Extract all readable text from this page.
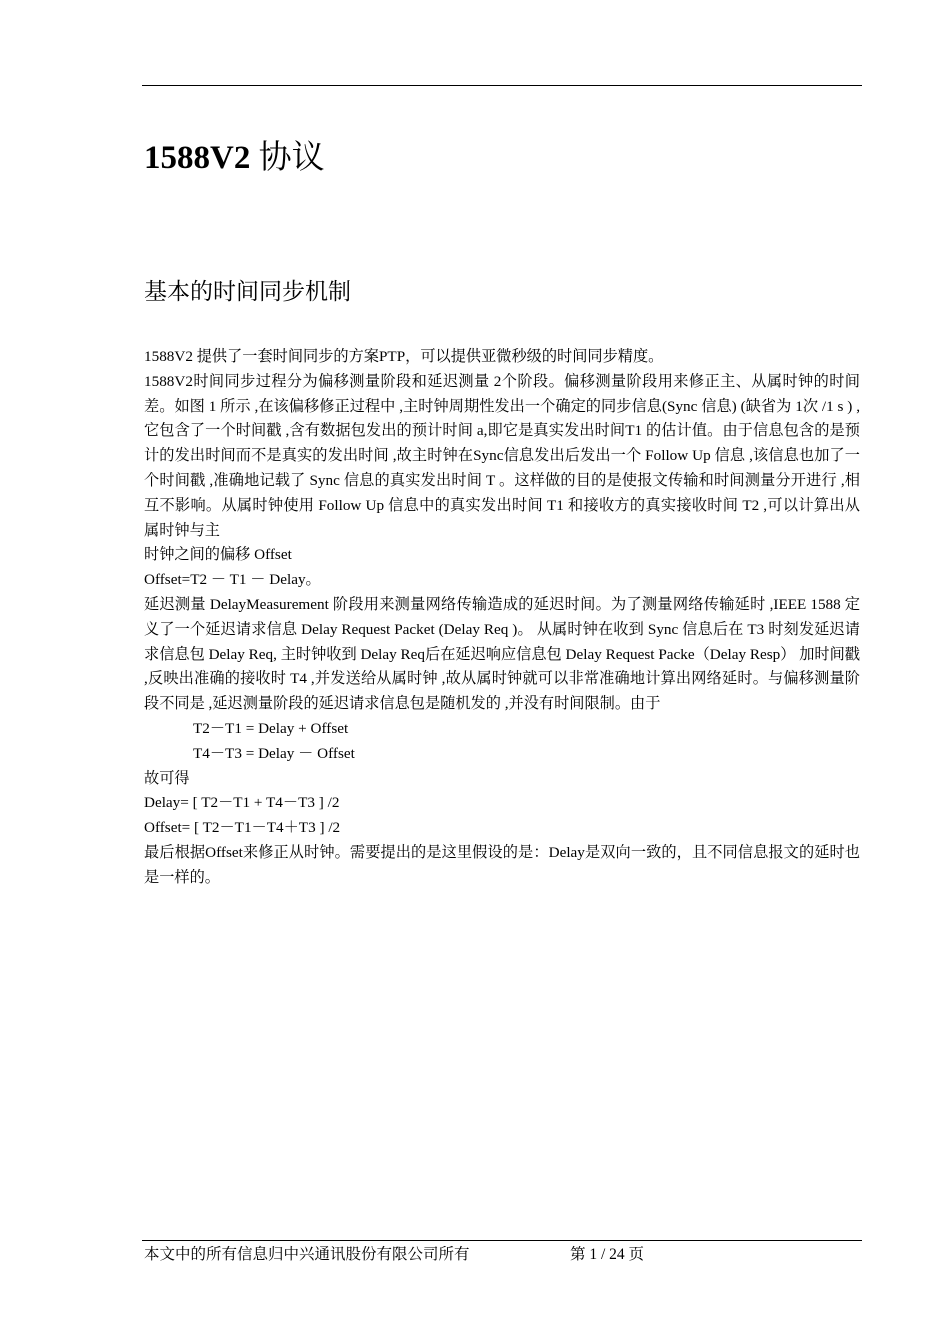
1588V2 协议
基本的时间同步机制

1588V2 提供了一套时间同步的方案PTP，可以提供亚微秒级的时间同步精度。

1588V2时间同步过程分为偏移测量阶段和延迟测量 2个阶段。偏移测量阶段用来修正主、从属时钟的时间差。如图 1 所示 ,在该偏移修正过程中 ,主时钟周期性发出一个确定的同步信息(Sync 信息) (缺省为 1次 /1 s ) ,它包含了一个时间戳 ,含有数据包发出的预计时间 a,即它是真实发出时间T1 的估计值。由于信息包含的是预计的发出时间而不是真实的发出时间 ,故主时钟在Sync信息发出后发出一个 Follow Up 信息 ,该信息也加了一个时间戳 ,准确地记载了 Sync 信息的真实发出时间 T 。这样做的目的是使报文传输和时间测量分开进行 ,相互不影响。从属时钟使用 Follow Up 信息中的真实发出时间 T1 和接收方的真实接收时间 T2 ,可以计算出从属时钟与主

时钟之间的偏移 Offset

Offset=T2 － T1 － Delay。

延迟测量 DelayMeasurement 阶段用来测量网络传输造成的延迟时间。为了测量网络传输延时 ,IEEE 1588 定义了一个延迟请求信息 Delay Request Packet (Delay Req )。 从属时钟在收到 Sync 信息后在 T3 时刻发延迟请求信息包 Delay Req, 主时钟收到 Delay Req后在延迟响应信息包 Delay Request Packe（Delay Resp） 加时间戳 ,反映出准确的接收时 T4 ,并发送给从属时钟 ,故从属时钟就可以非常准确地计算出网络延时。与偏移测量阶段不同是 ,延迟测量阶段的延迟请求信息包是随机发的 ,并没有时间限制。由于

T2－T1 = Delay + Offset

T4－T3 = Delay － Offset

故可得

Delay= [ T2－T1 + T4－T3 ] /2

Offset= [ T2－T1－T4＋T3 ] /2

最后根据Offset来修正从时钟。需要提出的是这里假设的是：Delay是双向一致的，且不同信息报文的延时也是一样的。

本文中的所有信息归中兴通讯股份有限公司所有	第 1 / 24 页
